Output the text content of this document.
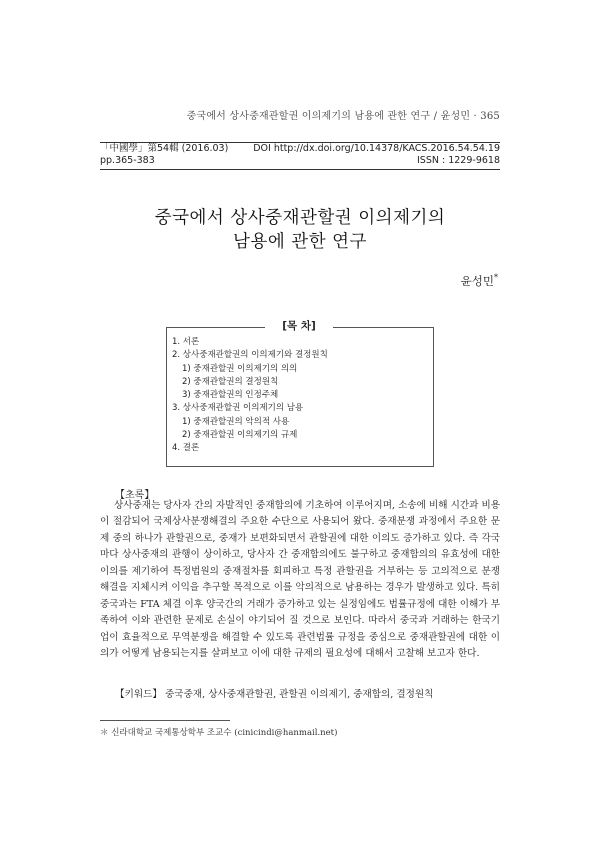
중국에서 상사중재관할권 이의제기의 남용에 관한 연구 / 윤성민 · 365
「中國學」第54輯 (2016.03)	DOI http://dx.doi.org/10.14378/KACS.2016.54.54.19
pp.365-383	ISSN : 1229-9618
중국에서 상사중재관할권 이의제기의
남용에 관한 연구
윤성민*
[목 차]
1. 서론
2. 상사중재관할권의 이의제기와 결정원칙
1) 중재관할권 이의제기의 의의
2) 중재관할권의 결정원칙
3) 중재관할권의 인정주체
3. 상사중재관할권 이의제기의 남용
1) 중재관할권의 악의적 사용
2) 중재관할권 이의제기의 규제
4. 결론
【초록】
상사중재는 당사자 간의 자발적인 중재합의에 기초하여 이루어지며, 소송에 비해 시간과 비용이 절감되어 국제상사분쟁해결의 주요한 수단으로 사용되어 왔다. 중재분쟁 과정에서 주요한 문제 중의 하나가 관할권으로, 중재가 보편화되면서 관할권에 대한 이의도 증가하고 있다. 즉 각국마다 상사중재의 관행이 상이하고, 당사자 간 중재합의에도 불구하고 중재합의의 유효성에 대한 이의를 제기하여 특정법원의 중재절차를 회피하고 특정 관할권을 거부하는 등 고의적으로 분쟁해결을 지체시켜 이익을 추구할 목적으로 이를 악의적으로 남용하는 경우가 발생하고 있다. 특히 중국과는 FTA 체결 이후 양국간의 거래가 증가하고 있는 실정임에도 법률규정에 대한 이해가 부족하여 이와 관련한 문제로 손실이 야기되어 질 것으로 보인다. 따라서 중국과 거래하는 한국기업이 효율적으로 무역분쟁을 해결할 수 있도록 관련법률 규정을 중심으로 중재관할권에 대한 이의가 어떻게 남용되는지를 살펴보고 이에 대한 규제의 필요성에 대해서 고찰해 보고자 한다.
【키워드】 중국중재, 상사중재관할권, 관할권 이의제기, 중재합의, 결정원칙
＊ 신라대학교 국제통상학부 조교수 (cinicindi@hanmail.net)
